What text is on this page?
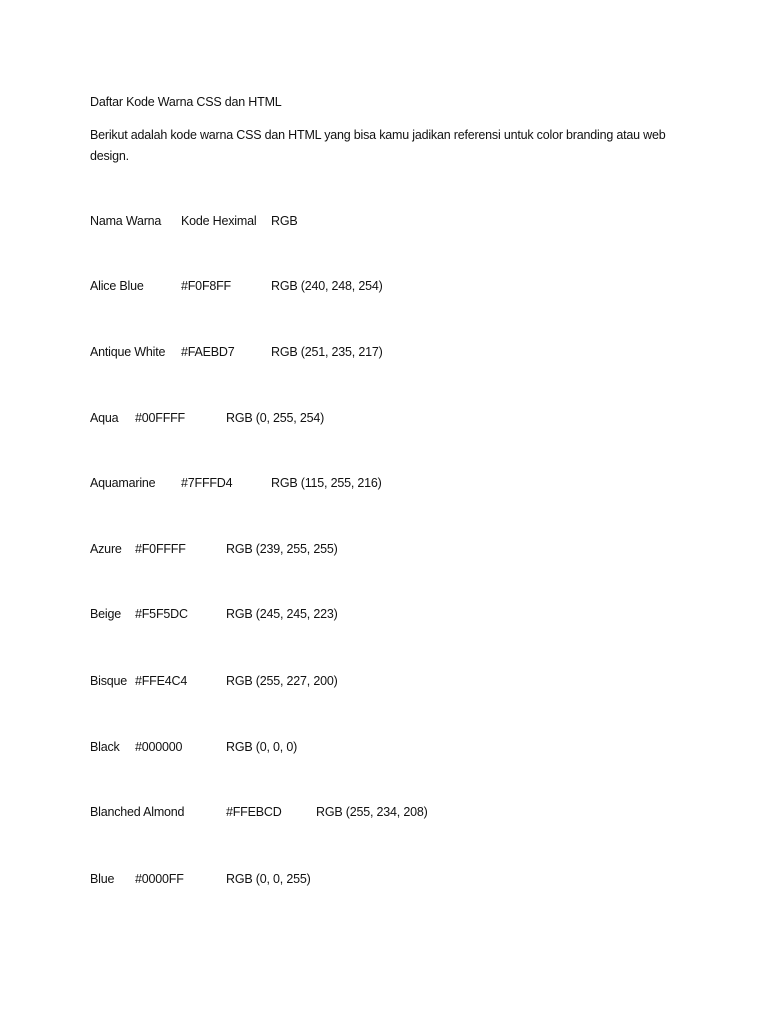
Daftar Kode Warna CSS dan HTML
Berikut adalah kode warna CSS dan HTML yang bisa kamu jadikan referensi untuk color branding atau web design.
Nama Warna Kode Heximal RGB
Alice Blue	#F0F8FF	RGB (240, 248, 254)
Antique White #FAEBD7	RGB (251, 235, 217)
Aqua #00FFFF	RGB (0, 255, 254)
Aquamarine #7FFFD4	RGB (115, 255, 216)
Azure #F0FFFF	RGB (239, 255, 255)
Beige #F5F5DC	RGB (245, 245, 223)
Bisque #FFE4C4	RGB (255, 227, 200)
Black #000000	RGB (0, 0, 0)
Blanched Almond	#FFEBCD	RGB (255, 234, 208)
Blue #0000FF	RGB (0, 0, 255)
